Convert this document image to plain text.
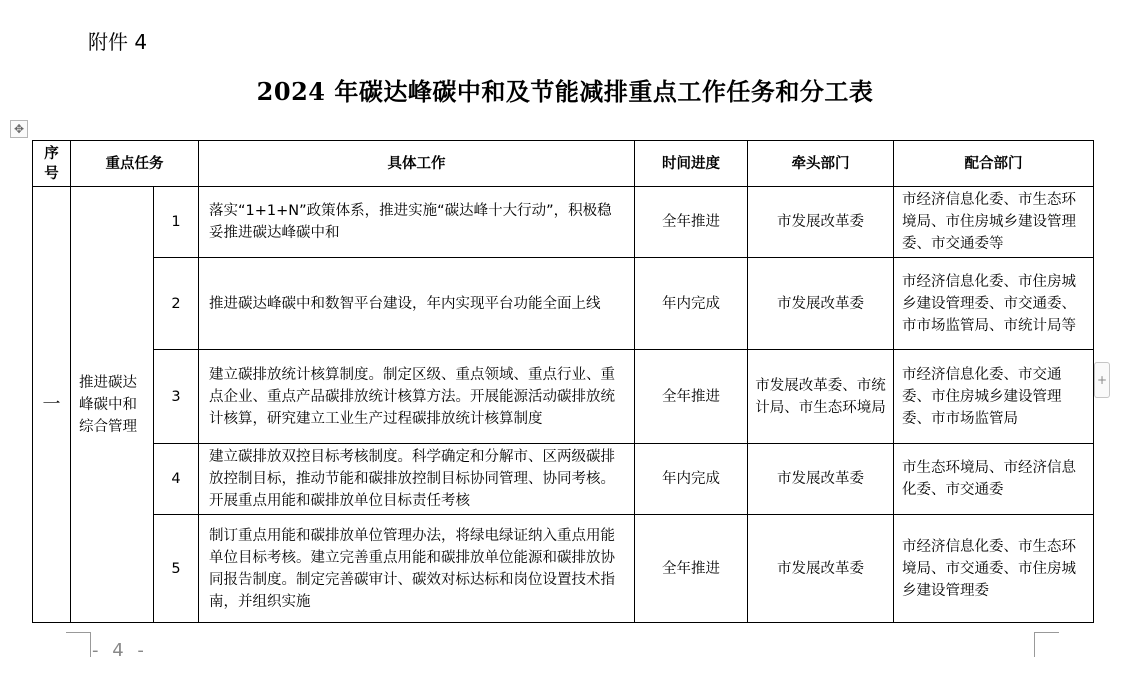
附件 4
2024 年碳达峰碳中和及节能减排重点工作任务和分工表
✥
序号	重点任务		具体工作	时间进度	牵头部门	配合部门
一	推进碳达峰碳中和综合管理	1	落实“1+1+N”政策体系，推进实施“碳达峰十大行动”，积极稳妥推进碳达峰碳中和	全年推进	市发展改革委	市经济信息化委、市生态环境局、市住房城乡建设管理委、市交通委等
		2	推进碳达峰碳中和数智平台建设，年内实现平台功能全面上线	年内完成	市发展改革委	市经济信息化委、市住房城乡建设管理委、市交通委、市市场监管局、市统计局等
		3	建立碳排放统计核算制度。制定区级、重点领域、重点行业、重点企业、重点产品碳排放统计核算方法。开展能源活动碳排放统计核算，研究建立工业生产过程碳排放统计核算制度	全年推进	市发展改革委、市统计局、市生态环境局	市经济信息化委、市交通委、市住房城乡建设管理委、市市场监管局
		4	建立碳排放双控目标考核制度。科学确定和分解市、区两级碳排放控制目标，推动节能和碳排放控制目标协同管理、协同考核。开展重点用能和碳排放单位目标责任考核	年内完成	市发展改革委	市生态环境局、市经济信息化委、市交通委
		5	制订重点用能和碳排放单位管理办法，将绿电绿证纳入重点用能单位目标考核。建立完善重点用能和碳排放单位能源和碳排放协同报告制度。制定完善碳审计、碳效对标达标和岗位设置技术指南，并组织实施	全年推进	市发展改革委	市经济信息化委、市生态环境局、市交通委、市住房城乡建设管理委
+
- 4 -
